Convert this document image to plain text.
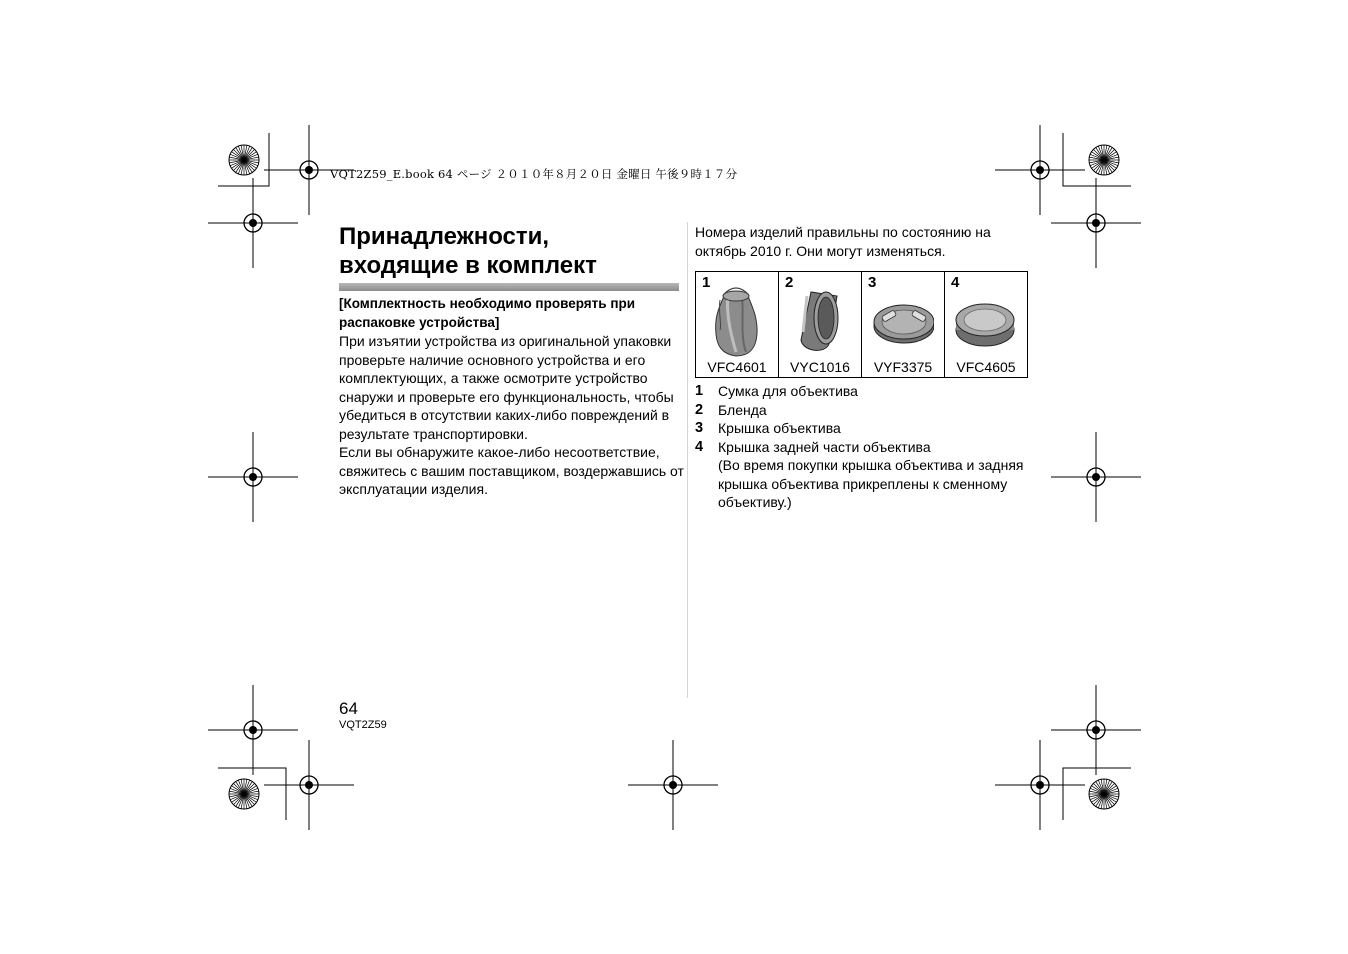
VQT2Z59_E.book 64 ページ ２０１０年８月２０日 金曜日 午後９時１７分
Принадлежности,
входящие в комплект
[Комплектность необходимо проверять при распаковке устройства]

При изъятии устройства из оригинальной упаковки проверьте наличие основного устройства и его комплектующих, а также осмотрите устройство снаружи и проверьте его функциональность, чтобы убедиться в отсутствии каких-либо повреждений в результате транспортировки.

Если вы обнаружите какое-либо несоответствие, свяжитесь с вашим поставщиком, воздержавшись от эксплуатации изделия.

Номера изделий правильны по состоянию на октябрь 2010 г. Они могут изменяться.
1
VFC4601

2
VYC1016

3
VYF3375

4
VFC4605
1 Сумка для объектива
2 Бленда
3 Крышка объектива
4 Крышка задней части объектива
(Во время покупки крышка объектива и задняя крышка объектива прикреплены к сменному объективу.)
64
VQT2Z59
